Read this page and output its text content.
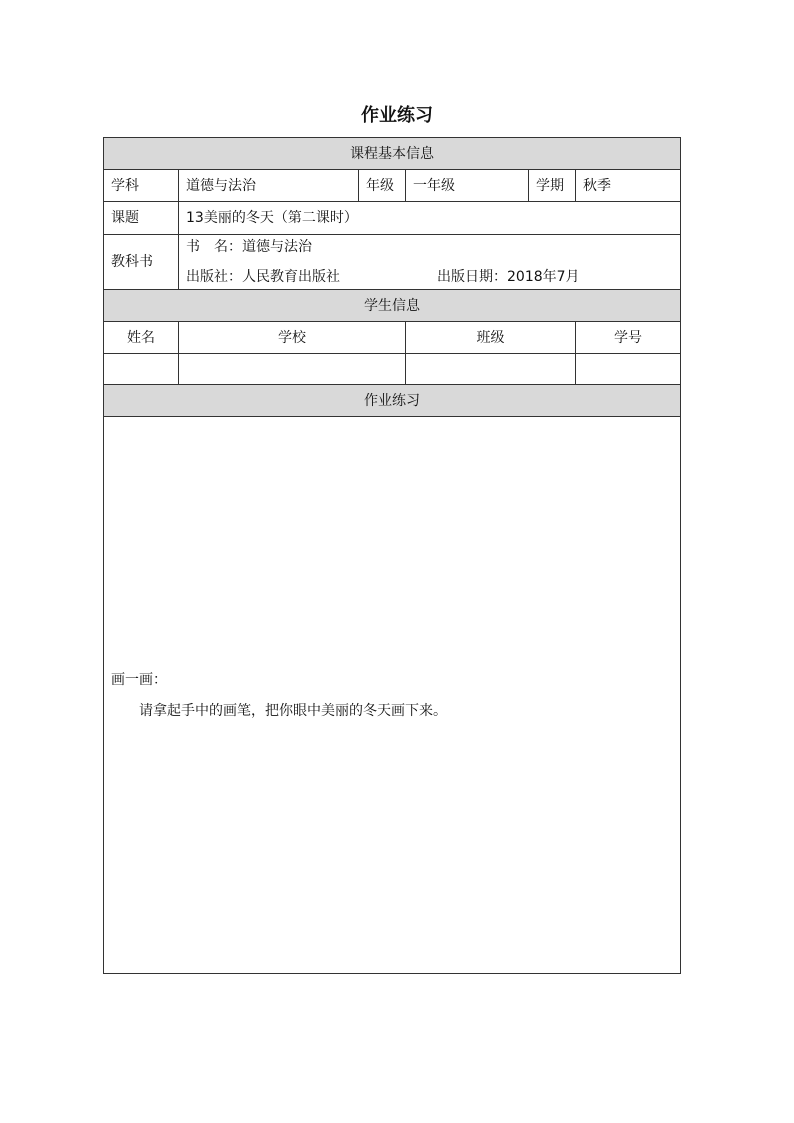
作业练习
课程基本信息					
学科	道德与法治	年级	一年级	学期	秋季
课题	13美丽的冬天（第二课时）				
教科书	书　名：道德与法治
出版社：人民教育出版社 出版日期：2018年7月				

学生信息					
姓名	学校		班级		学号

作业练习					

画一画：
请拿起手中的画笔，把你眼中美丽的冬天画下来。					
